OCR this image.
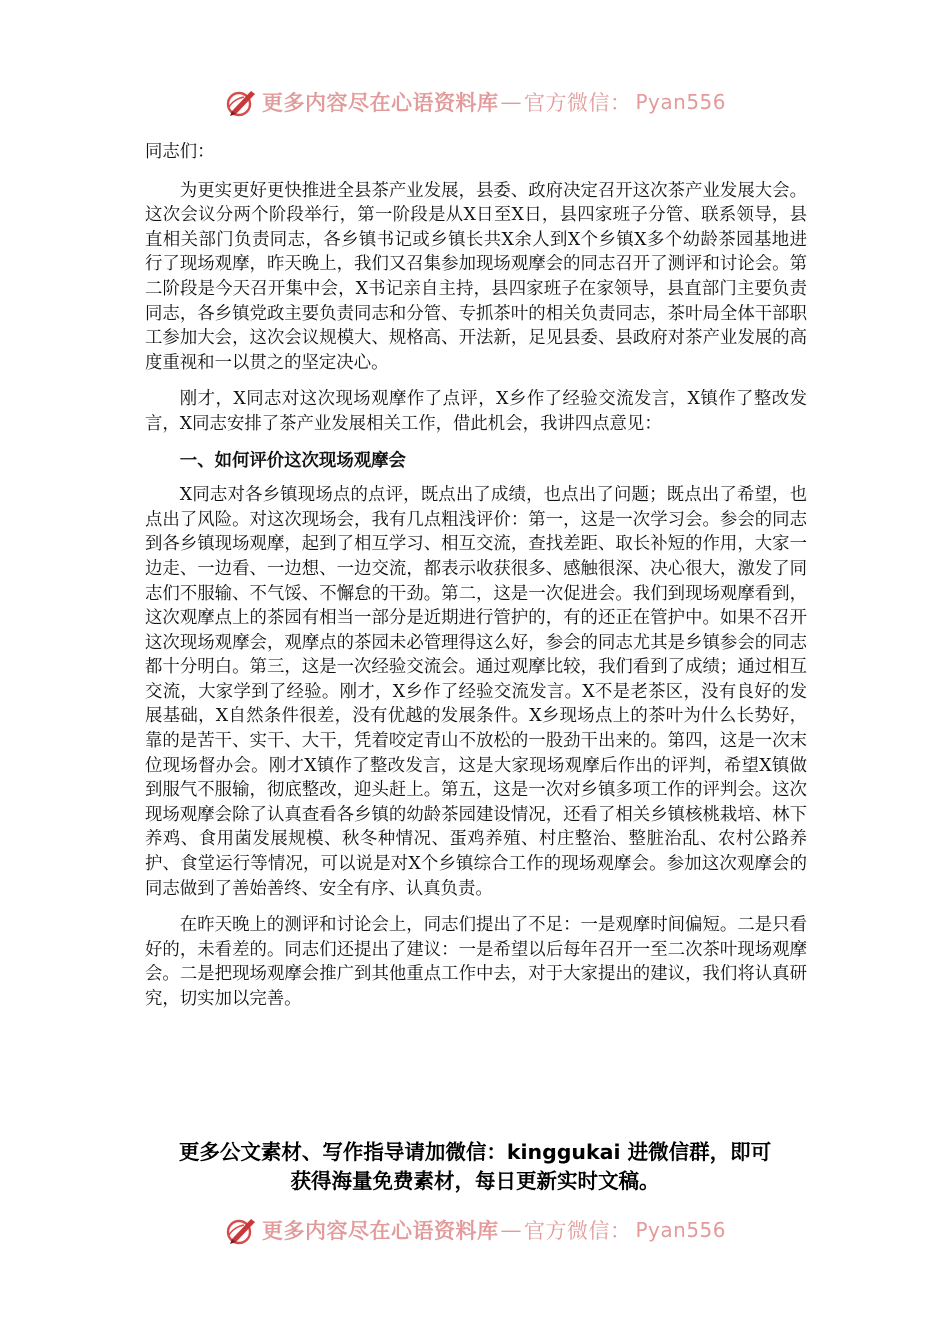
更多内容尽在心语资料库 — 官方微信： Pyan556

同志们：

为更实更好更快推进全县茶产业发展，县委、政府决定召开这次茶产业发展大会。这次会议分两个阶段举行，第一阶段是从X日至X日，县四家班子分管、联系领导，县直相关部门负责同志，各乡镇书记或乡镇长共X余人到X个乡镇X多个幼龄茶园基地进行了现场观摩，昨天晚上，我们又召集参加现场观摩会的同志召开了测评和讨论会。第二阶段是今天召开集中会，X书记亲自主持，县四家班子在家领导，县直部门主要负责同志，各乡镇党政主要负责同志和分管、专抓茶叶的相关负责同志，茶叶局全体干部职工参加大会，这次会议规模大、规格高、开法新，足见县委、县政府对茶产业发展的高度重视和一以贯之的坚定决心。

刚才，X同志对这次现场观摩作了点评，X乡作了经验交流发言，X镇作了整改发言，X同志安排了茶产业发展相关工作，借此机会，我讲四点意见：

一、如何评价这次现场观摩会

X同志对各乡镇现场点的点评，既点出了成绩，也点出了问题；既点出了希望，也点出了风险。对这次现场会，我有几点粗浅评价：第一，这是一次学习会。参会的同志到各乡镇现场观摩，起到了相互学习、相互交流，查找差距、取长补短的作用，大家一边走、一边看、一边想、一边交流，都表示收获很多、感触很深、决心很大，激发了同志们不服输、不气馁、不懈怠的干劲。第二，这是一次促进会。我们到现场观摩看到，这次观摩点上的茶园有相当一部分是近期进行管护的，有的还正在管护中。如果不召开这次现场观摩会，观摩点的茶园未必管理得这么好，参会的同志尤其是乡镇参会的同志都十分明白。第三，这是一次经验交流会。通过观摩比较，我们看到了成绩；通过相互交流，大家学到了经验。刚才，X乡作了经验交流发言。X不是老茶区，没有良好的发展基础，X自然条件很差，没有优越的发展条件。X乡现场点上的茶叶为什么长势好，靠的是苦干、实干、大干，凭着咬定青山不放松的一股劲干出来的。第四，这是一次末位现场督办会。刚才X镇作了整改发言，这是大家现场观摩后作出的评判，希望X镇做到服气不服输，彻底整改，迎头赶上。第五，这是一次对乡镇多项工作的评判会。这次现场观摩会除了认真查看各乡镇的幼龄茶园建设情况，还看了相关乡镇核桃栽培、林下养鸡、食用菌发展规模、秋冬种情况、蛋鸡养殖、村庄整治、整脏治乱、农村公路养护、食堂运行等情况，可以说是对X个乡镇综合工作的现场观摩会。参加这次观摩会的同志做到了善始善终、安全有序、认真负责。

在昨天晚上的测评和讨论会上，同志们提出了不足：一是观摩时间偏短。二是只看好的，未看差的。同志们还提出了建议：一是希望以后每年召开一至二次茶叶现场观摩会。二是把现场观摩会推广到其他重点工作中去，对于大家提出的建议，我们将认真研究，切实加以完善。

更多公文素材、写作指导请加微信：kinggukai 进微信群，即可
获得海量免费素材，每日更新实时文稿。
更多内容尽在心语资料库 — 官方微信： Pyan556
